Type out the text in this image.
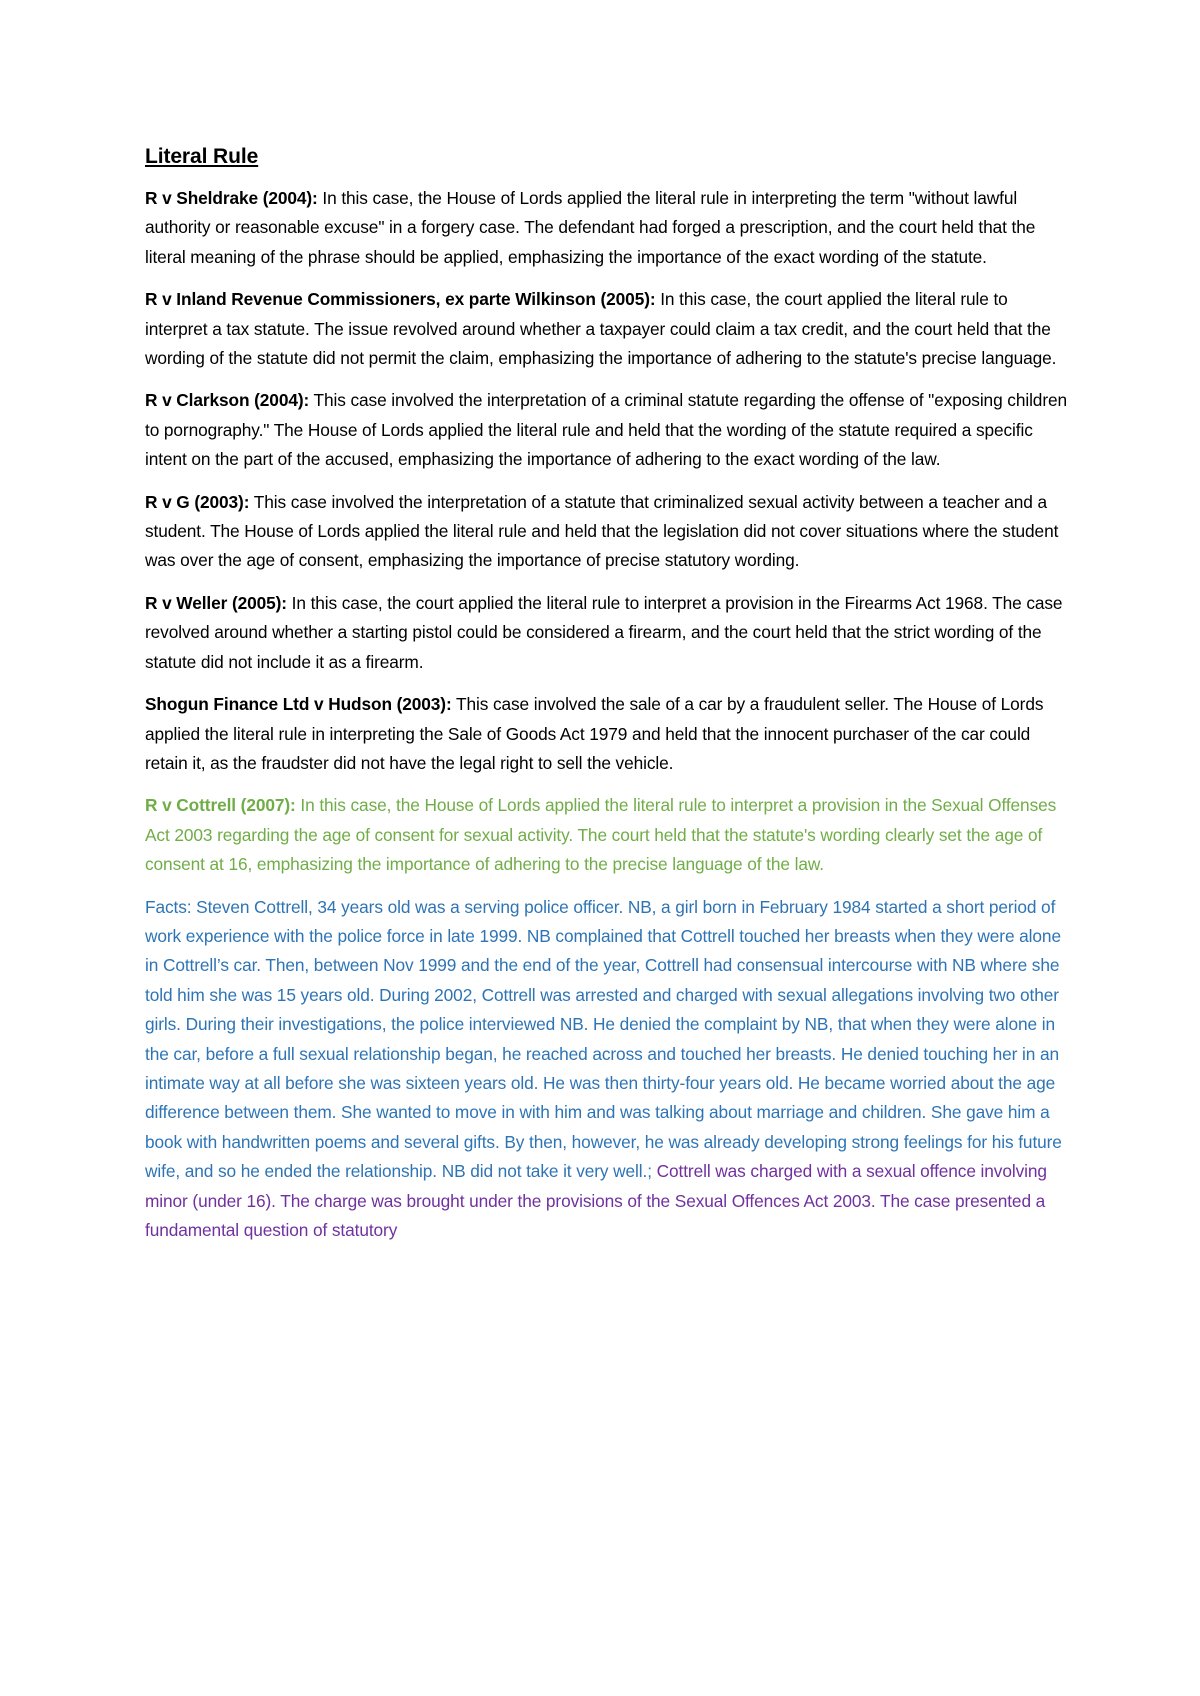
Literal Rule

R v Sheldrake (2004): In this case, the House of Lords applied the literal rule in interpreting the term "without lawful authority or reasonable excuse" in a forgery case. The defendant had forged a prescription, and the court held that the literal meaning of the phrase should be applied, emphasizing the importance of the exact wording of the statute.

R v Inland Revenue Commissioners, ex parte Wilkinson (2005): In this case, the court applied the literal rule to interpret a tax statute. The issue revolved around whether a taxpayer could claim a tax credit, and the court held that the wording of the statute did not permit the claim, emphasizing the importance of adhering to the statute's precise language.

R v Clarkson (2004): This case involved the interpretation of a criminal statute regarding the offense of "exposing children to pornography." The House of Lords applied the literal rule and held that the wording of the statute required a specific intent on the part of the accused, emphasizing the importance of adhering to the exact wording of the law.

R v G (2003): This case involved the interpretation of a statute that criminalized sexual activity between a teacher and a student. The House of Lords applied the literal rule and held that the legislation did not cover situations where the student was over the age of consent, emphasizing the importance of precise statutory wording.

R v Weller (2005): In this case, the court applied the literal rule to interpret a provision in the Firearms Act 1968. The case revolved around whether a starting pistol could be considered a firearm, and the court held that the strict wording of the statute did not include it as a firearm.

Shogun Finance Ltd v Hudson (2003): This case involved the sale of a car by a fraudulent seller. The House of Lords applied the literal rule in interpreting the Sale of Goods Act 1979 and held that the innocent purchaser of the car could retain it, as the fraudster did not have the legal right to sell the vehicle.

R v Cottrell (2007): In this case, the House of Lords applied the literal rule to interpret a provision in the Sexual Offenses Act 2003 regarding the age of consent for sexual activity. The court held that the statute's wording clearly set the age of consent at 16, emphasizing the importance of adhering to the precise language of the law.

Facts: Steven Cottrell, 34 years old was a serving police officer. NB, a girl born in February 1984 started a short period of work experience with the police force in late 1999. NB complained that Cottrell touched her breasts when they were alone in Cottrell’s car. Then, between Nov 1999 and the end of the year, Cottrell had consensual intercourse with NB where she told him she was 15 years old. During 2002, Cottrell was arrested and charged with sexual allegations involving two other girls. During their investigations, the police interviewed NB. He denied the complaint by NB, that when they were alone in the car, before a full sexual relationship began, he reached across and touched her breasts. He denied touching her in an intimate way at all before she was sixteen years old. He was then thirty-four years old. He became worried about the age difference between them. She wanted to move in with him and was talking about marriage and children. She gave him a book with handwritten poems and several gifts. By then, however, he was already developing strong feelings for his future wife, and so he ended the relationship. NB did not take it very well.; Cottrell was charged with a sexual offence involving minor (under 16). The charge was brought under the provisions of the Sexual Offences Act 2003. The case presented a fundamental question of statutory
